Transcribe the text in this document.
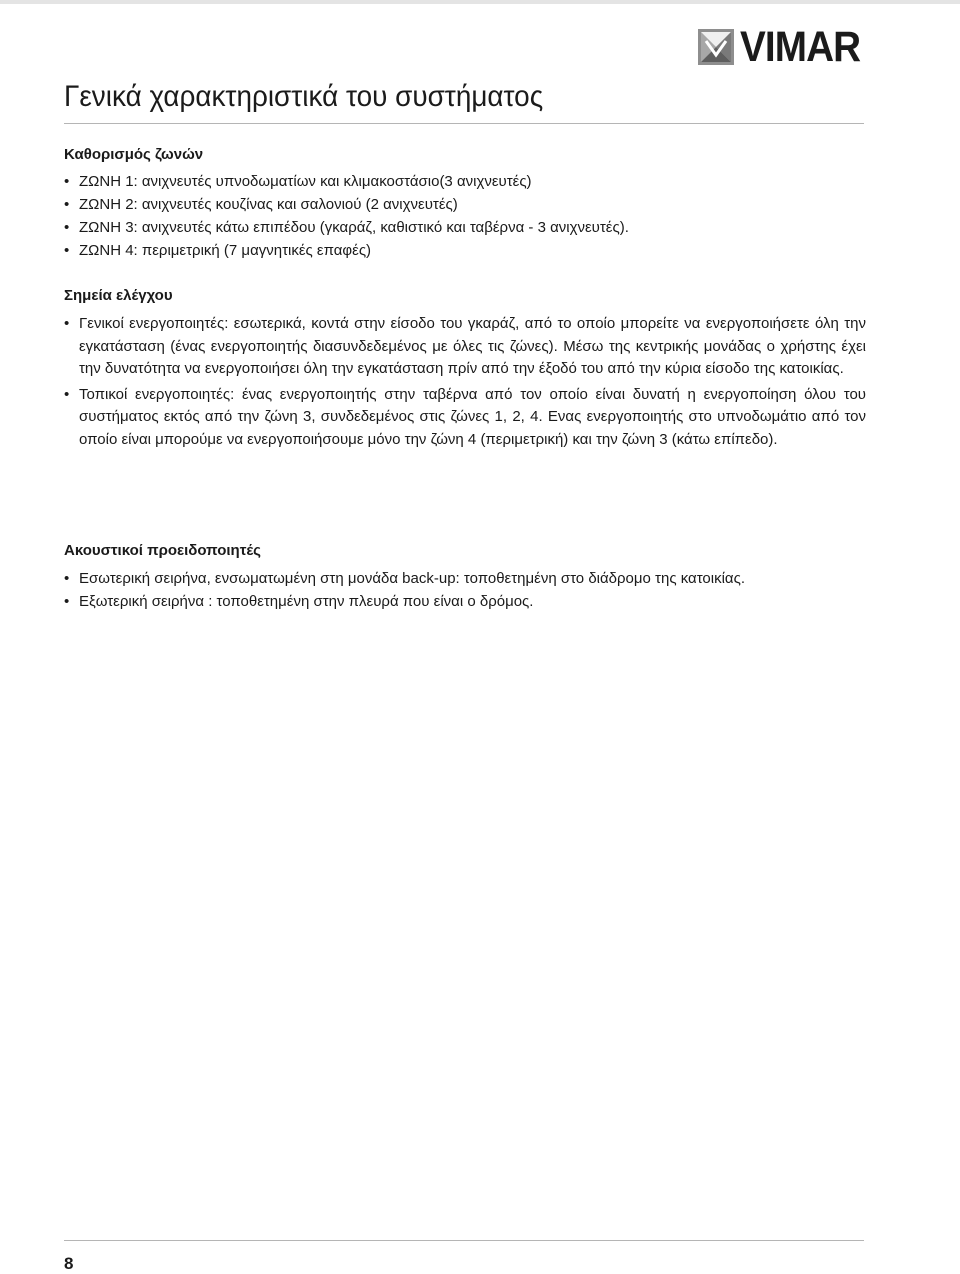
VIMAR
Γενικά χαρακτηριστικά του συστήματος
Καθορισμός ζωνών
• ΖΩΝΗ 1: ανιχνευτές υπνοδωματίων και κλιμακοστάσιο(3 ανιχνευτές)
• ΖΩΝΗ 2: ανιχνευτές κουζίνας και σαλονιού (2 ανιχνευτές)
• ΖΩΝΗ 3: ανιχνευτές κάτω επιπέδου (γκαράζ, καθιστικό και ταβέρνα - 3 ανιχνευτές).
• ΖΩΝΗ 4: περιμετρική (7 μαγνητικές επαφές)
Σημεία ελέγχου
• Γενικοί ενεργοποιητές: εσωτερικά, κοντά στην είσοδο του γκαράζ, από το οποίο μπορείτε να ενεργοποιήσετε όλη την εγκατάσταση (ένας ενεργοποιητής διασυνδεδεμένος με όλες τις ζώνες). Μέσω της κεντρικής μονάδας ο χρήστης έχει την δυνατότητα να ενεργοποιήσει όλη την εγκατάσταση πρίν από την έξοδό του από την κύρια είσοδο της κατοικίας.
• Τοπικοί ενεργοποιητές: ένας ενεργοποιητής στην ταβέρνα από τον οποίο είναι δυνατή η ενεργοποίηση όλου του συστήματος εκτός από την ζώνη 3, συνδεδεμένος στις ζώνες 1, 2, 4. Ενας ενεργοποιητής στο υπνοδωμάτιο από τον οποίο είναι μπορούμε να ενεργοποιήσουμε μόνο την ζώνη 4 (περιμετρική) και την ζώνη 3 (κάτω επίπεδο).
Ακουστικοί προειδοποιητές
• Εσωτερική σειρήνα, ενσωματωμένη στη μονάδα back-up: τοποθετημένη στο διάδρομο της κατοικίας.
• Εξωτερική σειρήνα : τοποθετημένη στην πλευρά που είναι ο δρόμος.
8
